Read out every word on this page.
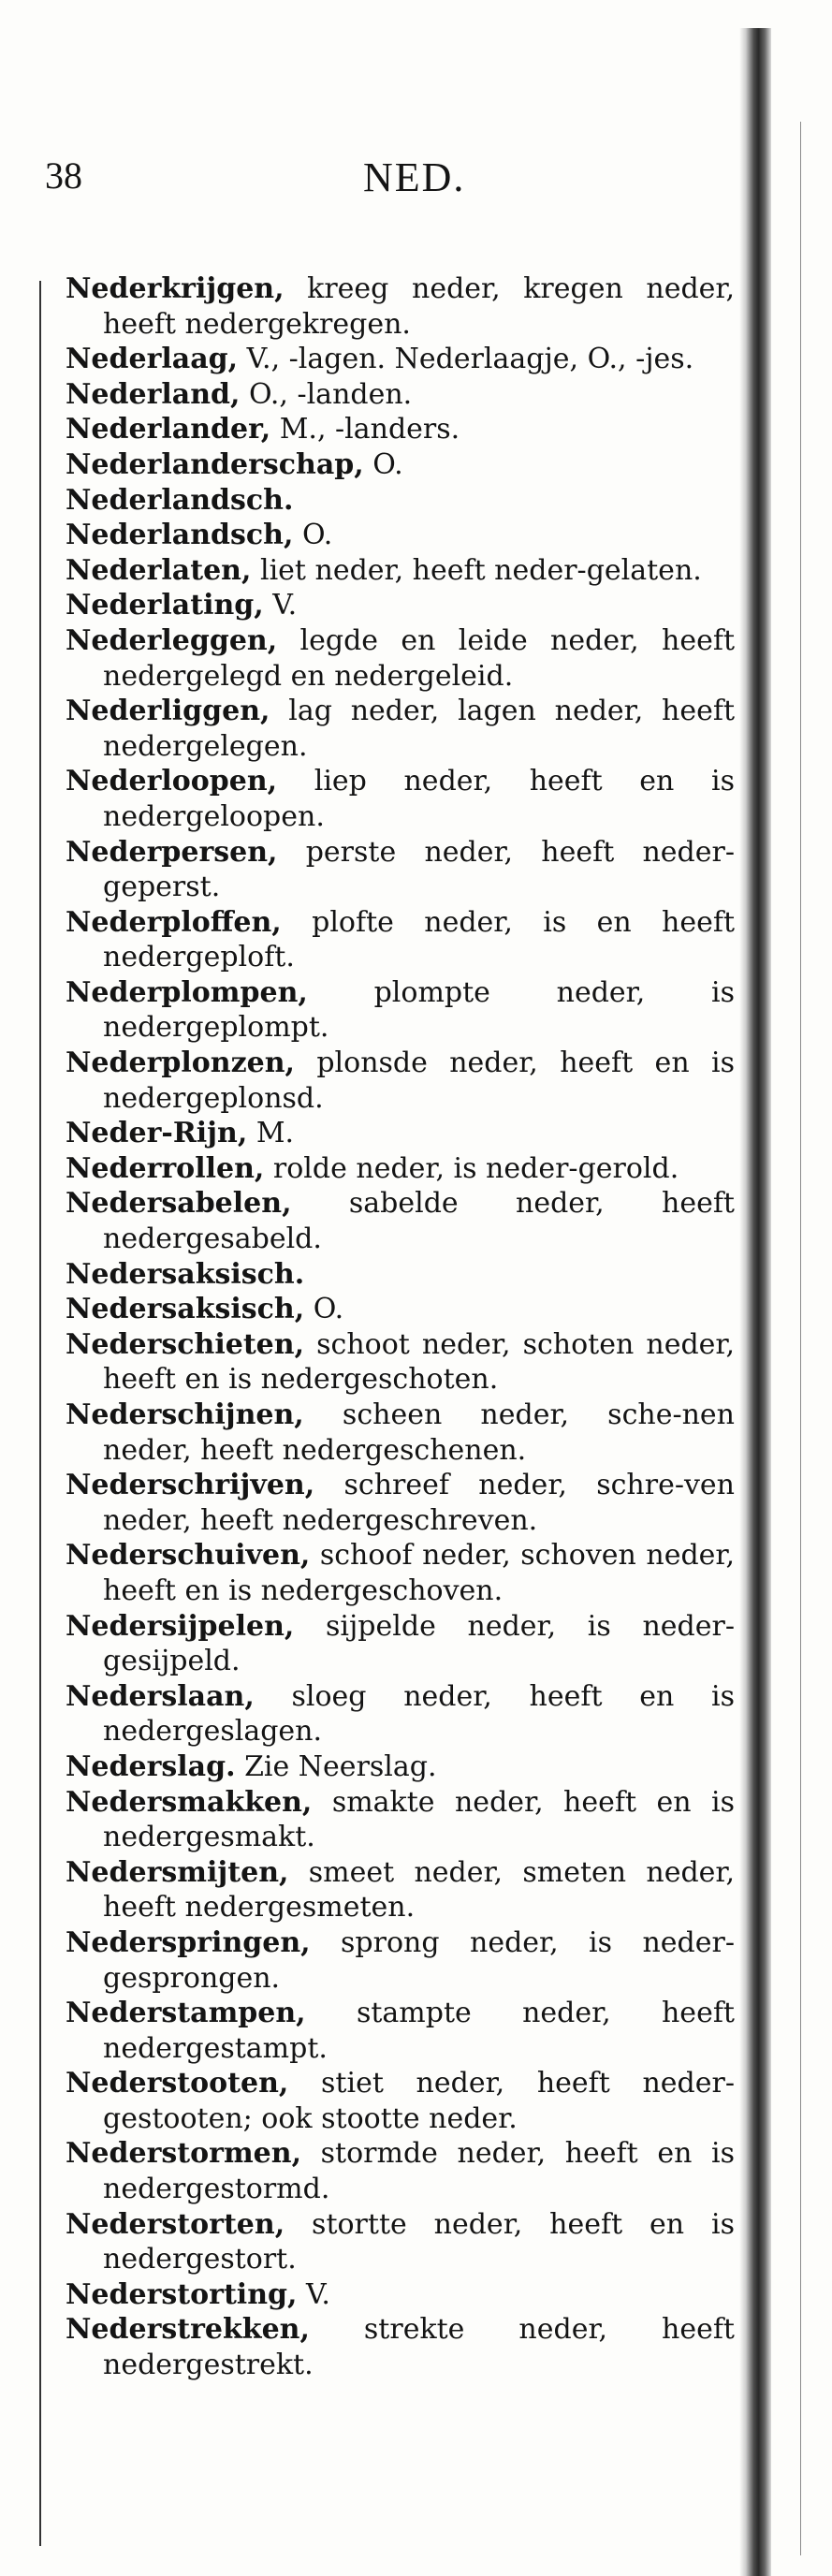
38	NED.
Nederkrijgen, kreeg neder, kregen neder, heeft nedergekregen.
Nederlaag, V., -lagen. Nederlaagje, O., -jes.
Nederland, O., -landen.
Nederlander, M., -landers.
Nederlanderschap, O.
Nederlandsch.
Nederlandsch, O.
Nederlaten, liet neder, heeft neder-gelaten.
Nederlating, V.
Nederleggen, legde en leide neder, heeft nedergelegd en nedergeleid.
Nederliggen, lag neder, lagen neder, heeft nedergelegen.
Nederloopen, liep neder, heeft en is nedergeloopen.
Nederpersen, perste neder, heeft neder-geperst.
Nederploffen, plofte neder, is en heeft nedergeploft.
Nederplompen, plompte neder, is nedergeplompt.
Nederplonzen, plonsde neder, heeft en is nedergeplonsd.
Neder-Rijn, M.
Nederrollen, rolde neder, is neder-gerold.
Nedersabelen, sabelde neder, heeft nedergesabeld.
Nedersaksisch.
Nedersaksisch, O.
Nederschieten, schoot neder, schoten neder, heeft en is nedergeschoten.
Nederschijnen, scheen neder, sche-nen neder, heeft nedergeschenen.
Nederschrijven, schreef neder, schre-ven neder, heeft nedergeschreven.
Nederschuiven, schoof neder, schoven neder, heeft en is nedergeschoven.
Nedersijpelen, sijpelde neder, is neder-gesijpeld.
Nederslaan, sloeg neder, heeft en is nedergeslagen.
Nederslag. Zie Neerslag.
Nedersmakken, smakte neder, heeft en is nedergesmakt.
Nedersmijten, smeet neder, smeten neder, heeft nedergesmeten.
Nederspringen, sprong neder, is neder-gesprongen.
Nederstampen, stampte neder, heeft nedergestampt.
Nederstooten, stiet neder, heeft neder-gestooten; ook stootte neder.
Nederstormen, stormde neder, heeft en is nedergestormd.
Nederstorten, stortte neder, heeft en is nedergestort.
Nederstorting, V.
Nederstrekken, strekte neder, heeft nedergestrekt.
